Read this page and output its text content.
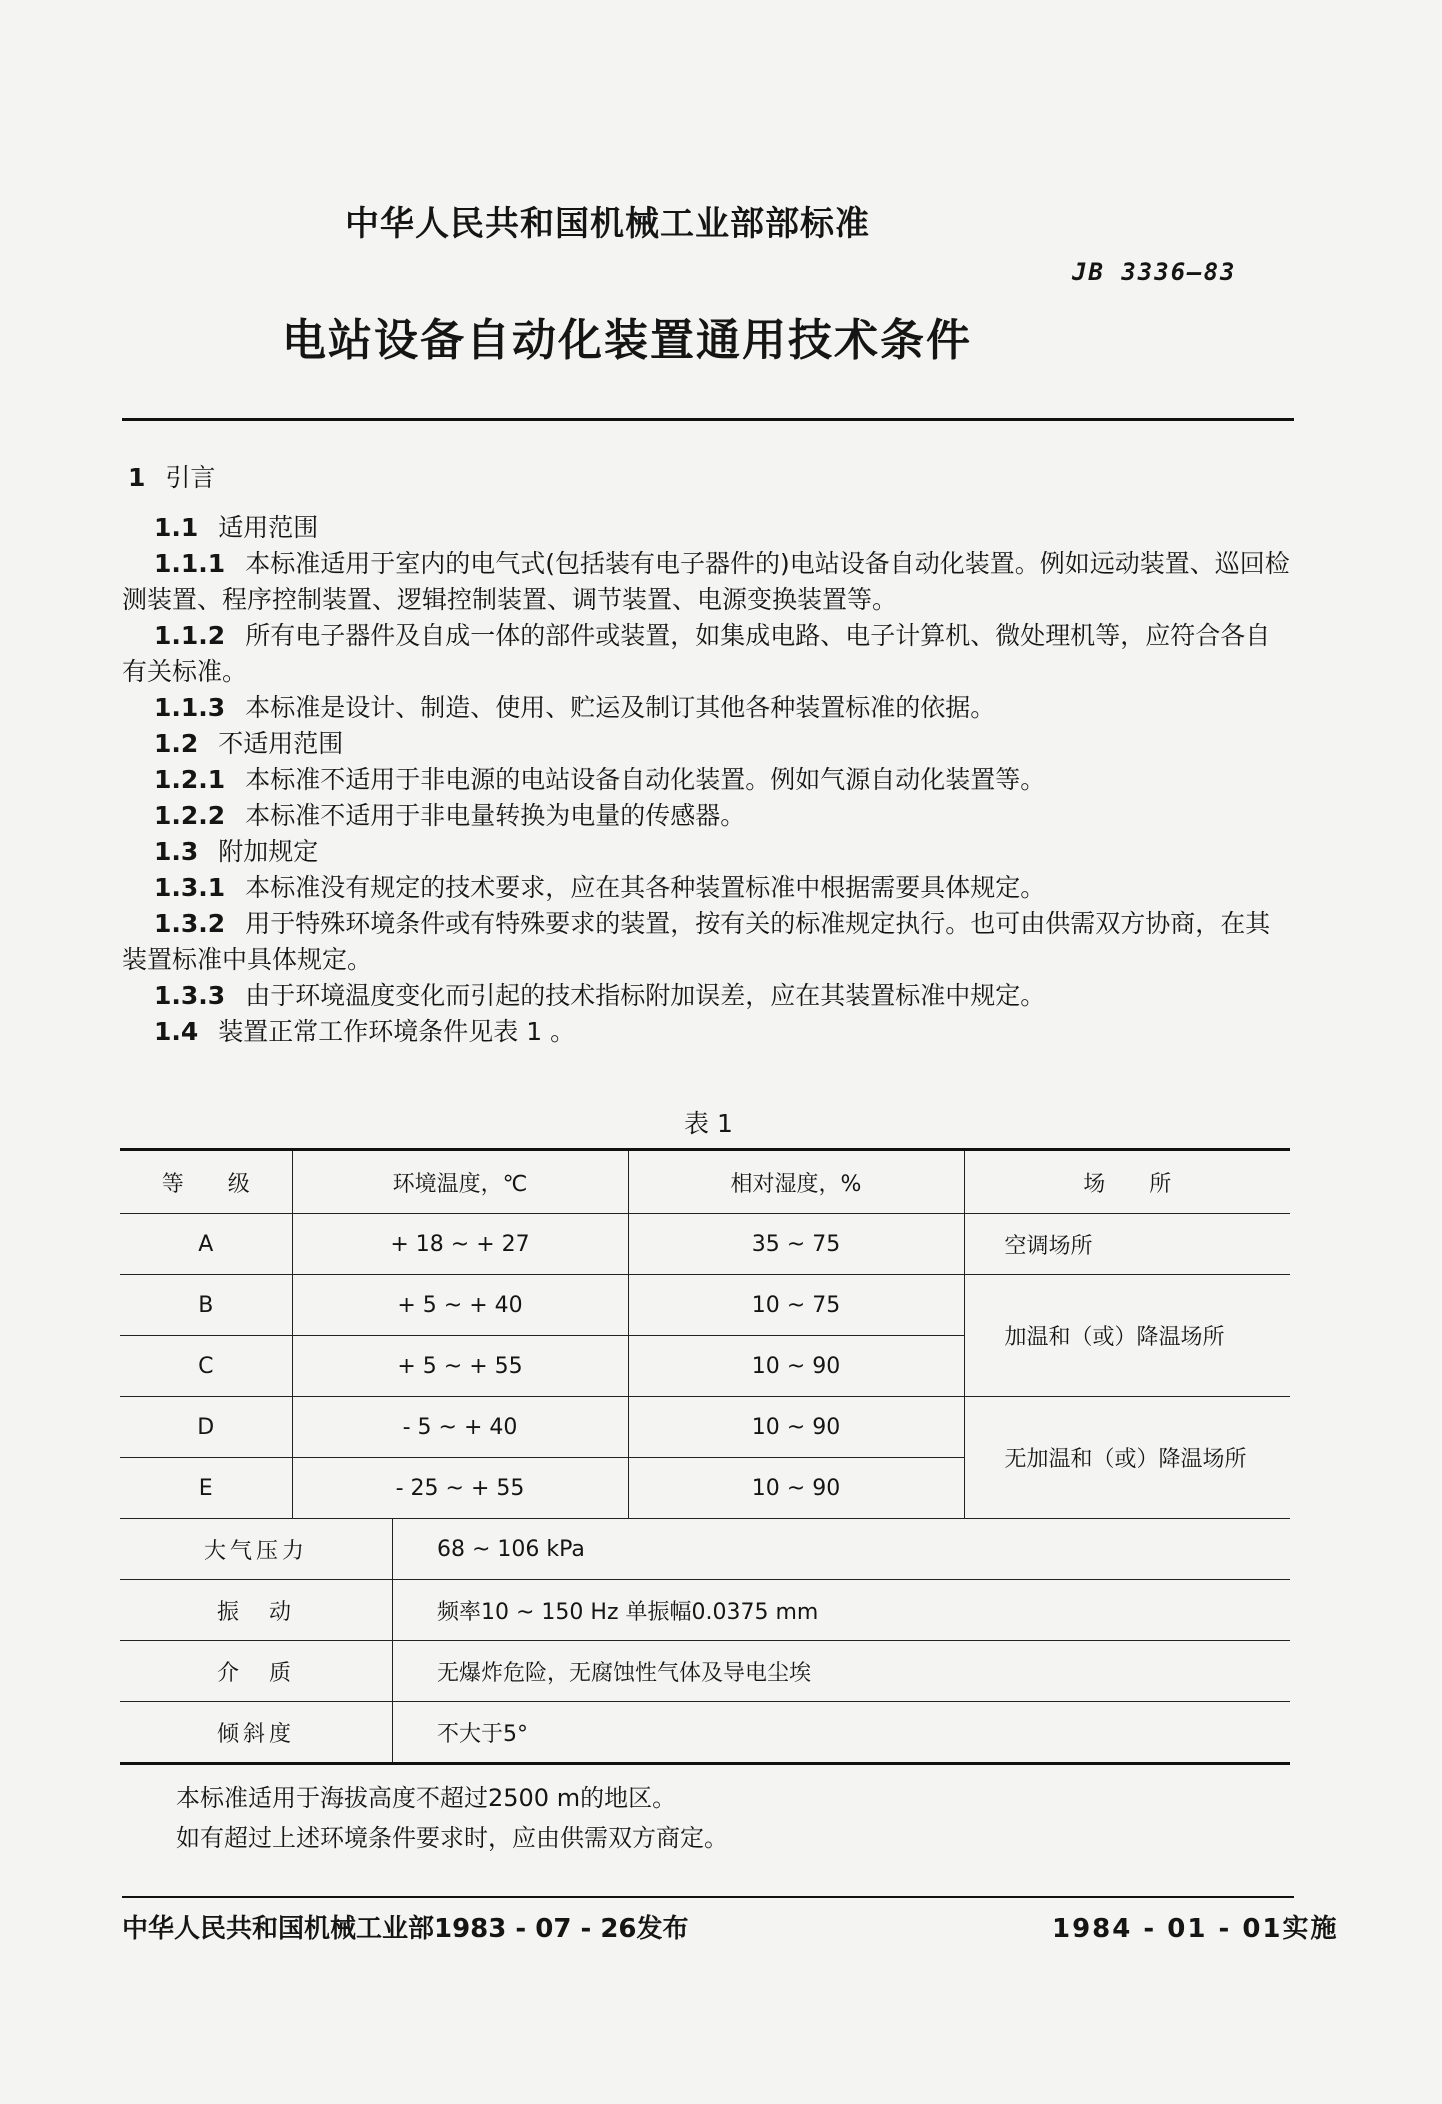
中华人民共和国机械工业部部标准
JB 3336—83
电站设备自动化装置通用技术条件

1 引言

1.1 适用范围

1.1.1 本标准适用于室内的电气式(包括装有电子器件的)电站设备自动化装置。例如远动装置、巡回检测装置、程序控制装置、逻辑控制装置、调节装置、电源变换装置等。

1.1.2 所有电子器件及自成一体的部件或装置，如集成电路、电子计算机、微处理机等，应符合各自有关标准。

1.1.3 本标准是设计、制造、使用、贮运及制订其他各种装置标准的依据。

1.2 不适用范围

1.2.1 本标准不适用于非电源的电站设备自动化装置。例如气源自动化装置等。

1.2.2 本标准不适用于非电量转换为电量的传感器。

1.3 附加规定

1.3.1 本标准没有规定的技术要求，应在其各种装置标准中根据需要具体规定。

1.3.2 用于特殊环境条件或有特殊要求的装置，按有关的标准规定执行。也可由供需双方协商，在其装置标准中具体规定。

1.3.3 由于环境温度变化而引起的技术指标附加误差，应在其装置标准中规定。

1.4 装置正常工作环境条件见表 1 。

表 1
等　　级	环境温度，℃	相对湿度，%	场　　所
A	+ 18 ~ + 27	35 ~ 75	空调场所
B	+ 5 ~ + 40	10 ~ 75	加温和（或）降温场所
C	+ 5 ~ + 55	10 ~ 90	
D	- 5 ~ + 40	10 ~ 90	无加温和（或）降温场所
E	- 25 ~ + 55	10 ~ 90	
大气压力	68 ~ 106 kPa
振　动	频率10 ~ 150 Hz 单振幅0.0375 mm
介　质	无爆炸危险，无腐蚀性气体及导电尘埃
倾斜度	不大于5°
本标准适用于海拔高度不超过2500 m的地区。
如有超过上述环境条件要求时，应由供需双方商定。
中华人民共和国机械工业部1983 - 07 - 26发布	1984 - 01 - 01实施
